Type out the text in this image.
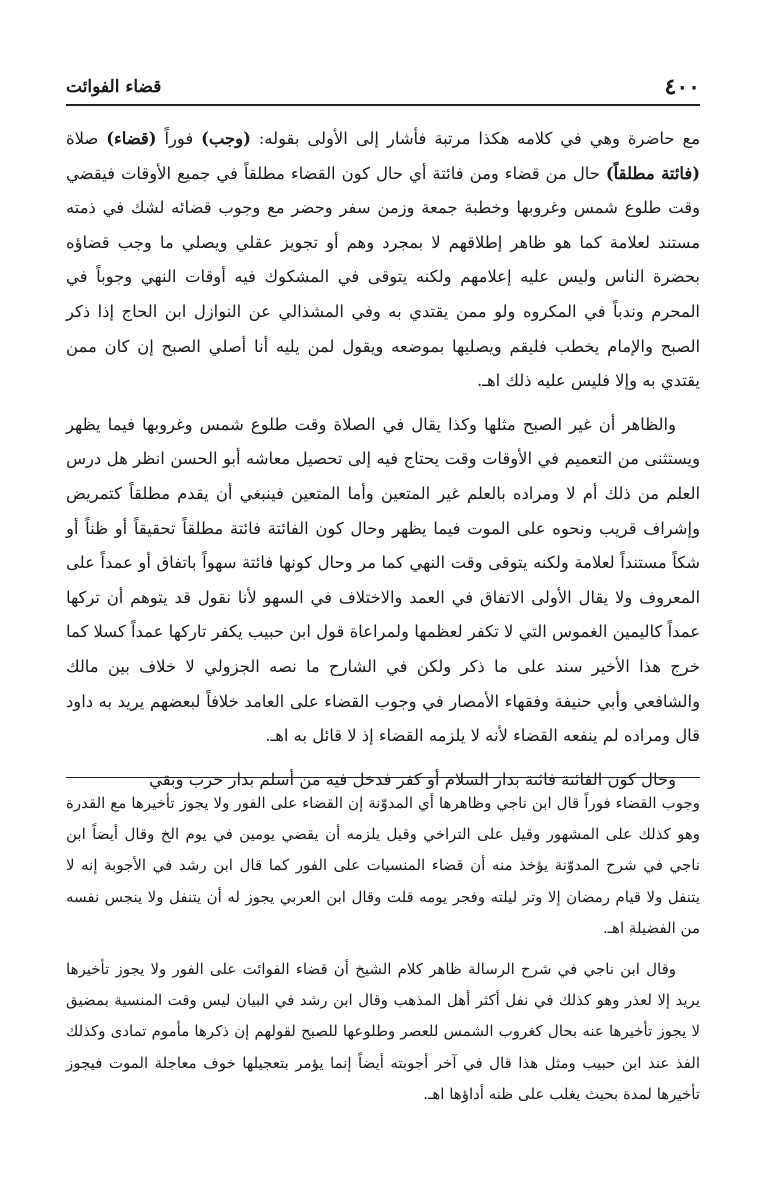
٤٠٠
قضاء الفوائت

مع حاضرة وهي في كلامه هكذا مرتبة فأشار إلى الأولى بقوله: (وجب) فوراً (قضاء) صلاة (فائتة مطلقاً) حال من قضاء ومن فائتة أي حال كون القضاء مطلقاً في جميع الأوقات فيقضي وقت طلوع شمس وغروبها وخطبة جمعة وزمن سفر وحضر مع وجوب قضائه لشك في ذمته مستند لعلامة كما هو ظاهر إطلاقهم لا بمجرد وهم أو تجويز عقلي ويصلي ما وجب قضاؤه بحضرة الناس وليس عليه إعلامهم ولكنه يتوقى في المشكوك فيه أوقات النهي وجوباً في المحرم وندباً في المكروه ولو ممن يقتدي به وفي المشذالي عن النوازل ابن الحاج إذا ذكر الصبح والإمام يخطب فليقم ويصليها بموضعه ويقول لمن يليه أنا أصلي الصبح إن كان ممن يقتدي به وإلا فليس عليه ذلك اهـ.

والظاهر أن غير الصبح مثلها وكذا يقال في الصلاة وقت طلوع شمس وغروبها فيما يظهر ويستثنى من التعميم في الأوقات وقت يحتاج فيه إلى تحصيل معاشه أبو الحسن انظر هل درس العلم من ذلك أم لا ومراده بالعلم غير المتعين وأما المتعين فينبغي أن يقدم مطلقاً كتمريض وإشراف قريب ونحوه على الموت فيما يظهر وحال كون الفائتة فائتة مطلقاً تحقيقاً أو ظناً أو شكاً مستنداً لعلامة ولكنه يتوقى وقت النهي كما مر وحال كونها فائتة سهواً باتفاق أو عمداً على المعروف ولا يقال الأولى الاتفاق في العمد والاختلاف في السهو لأنا نقول قد يتوهم أن تركها عمداً كاليمين الغموس التي لا تكفر لعظمها ولمراعاة قول ابن حبيب يكفر تاركها عمداً كسلا كما خرج هذا الأخير سند على ما ذكر ولكن في الشارح ما نصه الجزولي لا خلاف بين مالك والشافعي وأبي حنيفة وفقهاء الأمصار في وجوب القضاء على العامد خلافاً لبعضهم يريد به داود قال ومراده لم ينفعه القضاء لأنه لا يلزمه القضاء إذ لا قائل به اهـ.

وحال كون الفائتة فائتة بدار السلام أو كفر فدخل فيه من أسلم بدار حرب وبقي

وجوب القضاء فوراً قال ابن ناجي وظاهرها أي المدوّنة إن القضاء على الفور ولا يجوز تأخيرها مع القدرة وهو كذلك على المشهور وقيل على التراخي وقيل يلزمه أن يقضي يومين في يوم الخ وقال أيضاً ابن ناجي في شرح المدوّنة يؤخذ منه أن قضاء المنسيات على الفور كما قال ابن رشد في الأجوبة إنه لا يتنفل ولا قيام رمضان إلا وتر ليلته وفجر يومه قلت وقال ابن العربي يجوز له أن يتنفل ولا ينجس نفسه من الفضيلة اهـ.

وقال ابن ناجي في شرح الرسالة ظاهر كلام الشيخ أن قضاء الفوائت على الفور ولا يجوز تأخيرها يريد إلا لعذر وهو كذلك في نفل أكثر أهل المذهب وقال ابن رشد في البيان ليس وقت المنسية بمضيق لا يجوز تأخيرها عنه بحال كغروب الشمس للعصر وطلوعها للصبح لقولهم إن ذكرها مأموم تمادى وكذلك الفذ عند ابن حبيب ومثل هذا قال في آخر أجوبته أيضاً إنما يؤمر بتعجيلها خوف معاجلة الموت فيجوز تأخيرها لمدة بحيث يغلب على ظنه أداؤها اهـ.
